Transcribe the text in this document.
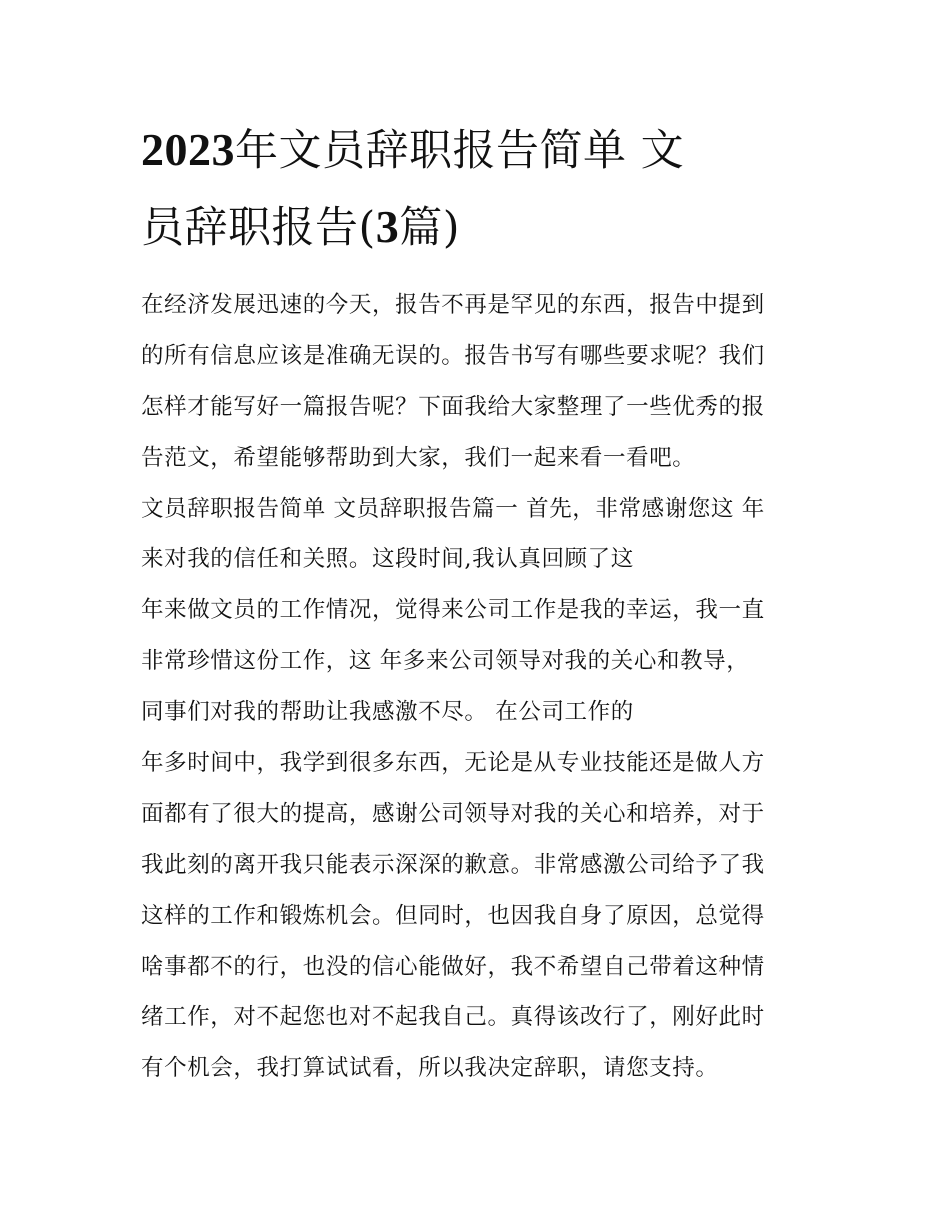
2023年文员辞职报告简单 文
员辞职报告(3篇)
在经济发展迅速的今天，报告不再是罕见的东西，报告中提到
的所有信息应该是准确无误的。报告书写有哪些要求呢？我们
怎样才能写好一篇报告呢？下面我给大家整理了一些优秀的报
告范文，希望能够帮助到大家，我们一起来看一看吧。
文员辞职报告简单 文员辞职报告篇一 首先，非常感谢您这 年
来对我的信任和关照。这段时间,我认真回顾了这
年来做文员的工作情况，觉得来公司工作是我的幸运，我一直
非常珍惜这份工作，这 年多来公司领导对我的关心和教导，
同事们对我的帮助让我感激不尽。 在公司工作的
年多时间中，我学到很多东西，无论是从专业技能还是做人方
面都有了很大的提高，感谢公司领导对我的关心和培养，对于
我此刻的离开我只能表示深深的歉意。非常感激公司给予了我
这样的工作和锻炼机会。但同时，也因我自身了原因，总觉得
啥事都不的行，也没的信心能做好，我不希望自己带着这种情
绪工作，对不起您也对不起我自己。真得该改行了，刚好此时
有个机会，我打算试试看，所以我决定辞职，请您支持。
